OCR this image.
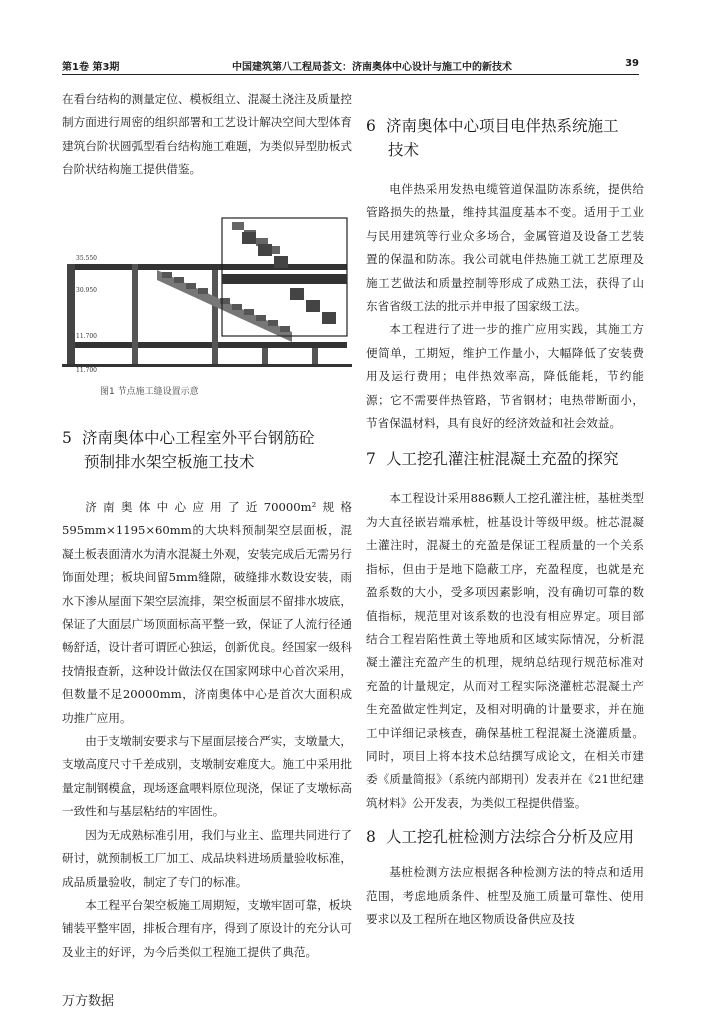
第1卷 第3期	中国建筑第八工程局荟文：济南奥体中心设计与施工中的新技术	39

在看台结构的测量定位、模板组立、混凝土浇注及质量控制方面进行周密的组织部署和工艺设计解决空间大型体育建筑台阶状圆弧型看台结构施工难题，为类似异型肋板式台阶状结构施工提供借鉴。

35.550
30.950
11.700
11.700
图1 节点施工缝设置示意
5 济南奥体中心工程室外平台钢筋砼
预制排水架空板施工技术

济南奥体中心应用了近70000m²规格595mm×1195×60mm的大块料预制架空层面板，混凝土板表面清水为清水混凝土外观，安装完成后无需另行饰面处理；板块间留5mm缝隙，破缝排水数设安装，雨水下渗从屋面下架空层流排，架空板面层不留排水坡底，保证了大面层广场顶面标高平整一致，保证了人流行径通畅舒适，设计者可谓匠心独运，创新优良。经国家一级科技情报查新，这种设计做法仅在国家网球中心首次采用，但数量不足20000mm，济南奥体中心是首次大面积成功推广应用。

由于支墩制安要求与下屋面层接合严实，支墩量大，支墩高度尺寸千差成别，支墩制安难度大。施工中采用批量定制钢模盒，现场逐盒喂料原位现浇，保证了支墩标高一致性和与基层粘结的牢固性。

因为无成熟标准引用，我们与业主、监理共同进行了研讨，就预制板工厂加工、成品块料进场质量验收标准，成品质量验收，制定了专门的标准。

本工程平台架空板施工周期短，支墩牢固可靠，板块铺装平整牢固，排板合理有序，得到了原设计的充分认可及业主的好评，为今后类似工程施工提供了典范。

6 济南奥体中心项目电伴热系统施工
技术

电伴热采用发热电缆管道保温防冻系统，提供给管路损失的热量，维持其温度基本不变。适用于工业与民用建筑等行业众多场合，金属管道及设备工艺装置的保温和防冻。我公司就电伴热施工就工艺原理及施工艺做法和质量控制等形成了成熟工法，获得了山东省省级工法的批示并申报了国家级工法。

本工程进行了进一步的推广应用实践，其施工方便简单，工期短，维护工作量小，大幅降低了安装费用及运行费用；电伴热效率高，降低能耗，节约能源；它不需要伴热管路，节省钢材；电热带断面小，节省保温材料，具有良好的经济效益和社会效益。

7 人工挖孔灌注桩混凝土充盈的探究

本工程设计采用886颗人工挖孔灌注桩，基桩类型为大直径嵌岩端承桩，桩基设计等级甲级。桩芯混凝土灌注时，混凝土的充盈是保证工程质量的一个关系指标，但由于是地下隐蔽工序，充盈程度，也就是充盈系数的大小，受多项因素影响，没有确切可靠的数值指标，规范里对该系数的也没有相应界定。项目部结合工程岩陷性黄土等地质和区域实际情况，分析混凝土灌注充盈产生的机理，规纳总结现行规范标准对充盈的计量规定，从而对工程实际浇灌桩芯混凝土产生充盈做定性判定，及相对明确的计量要求，并在施工中详细记录核查，确保基桩工程混凝土浇灌质量。同时，项目上将本技术总结撰写成论文，在相关市建委《质量简报》（系统内部期刊）发表并在《21世纪建筑材料》公开发表，为类似工程提供借鉴。

8 人工挖孔桩检测方法综合分析及应用

基桩检测方法应根据各种检测方法的特点和适用范围，考虑地质条件、桩型及施工质量可靠性、使用要求以及工程所在地区物质设备供应及技

万方数据
